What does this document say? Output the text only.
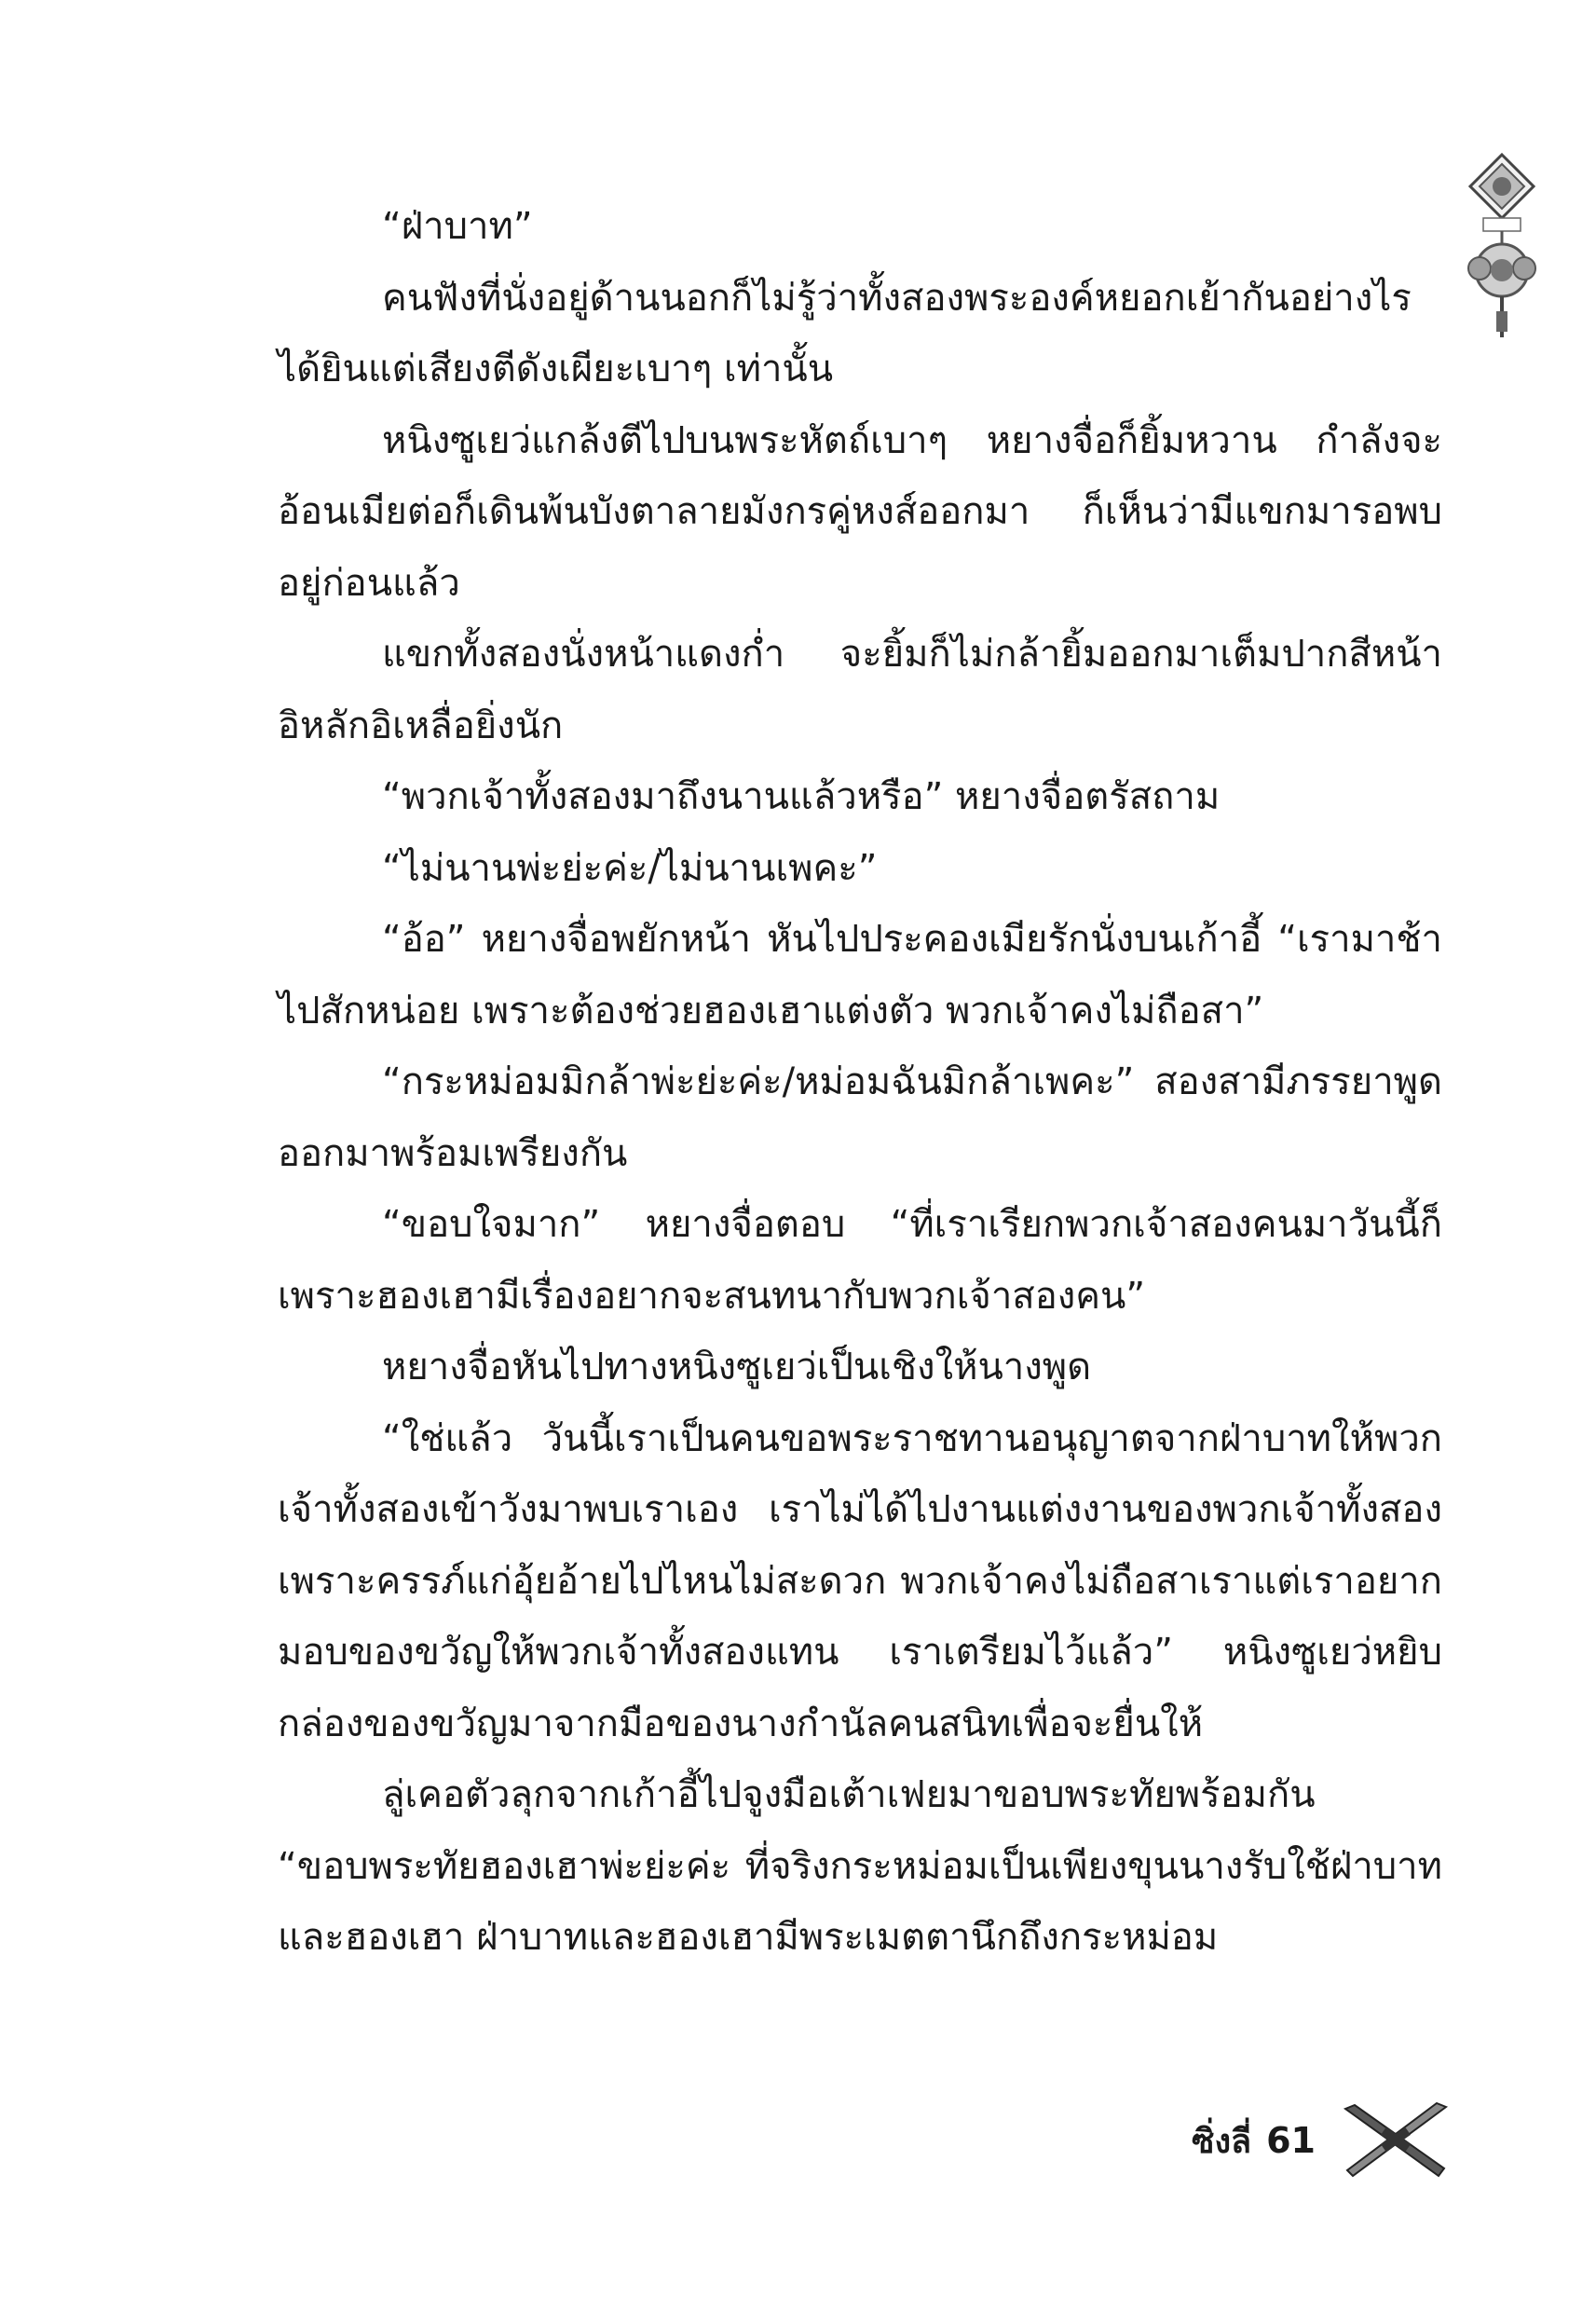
“ฝ่าบาท”

คนฟังที่นั่งอยู่ด้านนอกก็ไม่รู้ว่าทั้งสองพระองค์หยอกเย้ากันอย่างไร ได้ยินแต่เสียงตีดังเผียะเบาๆ เท่านั้น

หนิงซูเยว่แกล้งตีไปบนพระหัตถ์เบาๆ หยางจื่อก็ยิ้มหวาน กำลังจะอ้อนเมียต่อก็เดินพ้นบังตาลายมังกรคู่หงส์ออกมา ก็เห็นว่ามีแขกมารอพบอยู่ก่อนแล้ว

แขกทั้งสองนั่งหน้าแดงก่ำ จะยิ้มก็ไม่กล้ายิ้มออกมาเต็มปากสีหน้าอิหลักอิเหลื่อยิ่งนัก

“พวกเจ้าทั้งสองมาถึงนานแล้วหรือ” หยางจื่อตรัสถาม

“ไม่นานพ่ะย่ะค่ะ/ไม่นานเพคะ”

“อ้อ” หยางจื่อพยักหน้า หันไปประคองเมียรักนั่งบนเก้าอี้ “เรามาช้าไปสักหน่อย เพราะต้องช่วยฮองเฮาแต่งตัว พวกเจ้าคงไม่ถือสา”

“กระหม่อมมิกล้าพ่ะย่ะค่ะ/หม่อมฉันมิกล้าเพคะ” สองสามีภรรยาพูดออกมาพร้อมเพรียงกัน

“ขอบใจมาก” หยางจื่อตอบ “ที่เราเรียกพวกเจ้าสองคนมาวันนี้ก็เพราะฮองเฮามีเรื่องอยากจะสนทนากับพวกเจ้าสองคน”

หยางจื่อหันไปทางหนิงซูเยว่เป็นเชิงให้นางพูด

“ใช่แล้ว วันนี้เราเป็นคนขอพระราชทานอนุญาตจากฝ่าบาทให้พวกเจ้าทั้งสองเข้าวังมาพบเราเอง เราไม่ได้ไปงานแต่งงานของพวกเจ้าทั้งสองเพราะครรภ์แก่อุ้ยอ้ายไปไหนไม่สะดวก พวกเจ้าคงไม่ถือสาเราแต่เราอยากมอบของขวัญให้พวกเจ้าทั้งสองแทน เราเตรียมไว้แล้ว” หนิงซูเยว่หยิบกล่องของขวัญมาจากมือของนางกำนัลคนสนิทเพื่อจะยื่นให้

ลู่เคอตัวลุกจากเก้าอี้ไปจูงมือเต้าเฟยมาขอบพระทัยพร้อมกัน “ขอบพระทัยฮองเฮาพ่ะย่ะค่ะ ที่จริงกระหม่อมเป็นเพียงขุนนางรับใช้ฝ่าบาทและฮองเฮา ฝ่าบาทและฮองเฮามีพระเมตตานึกถึงกระหม่อม

ซิ่งลี่ 61
